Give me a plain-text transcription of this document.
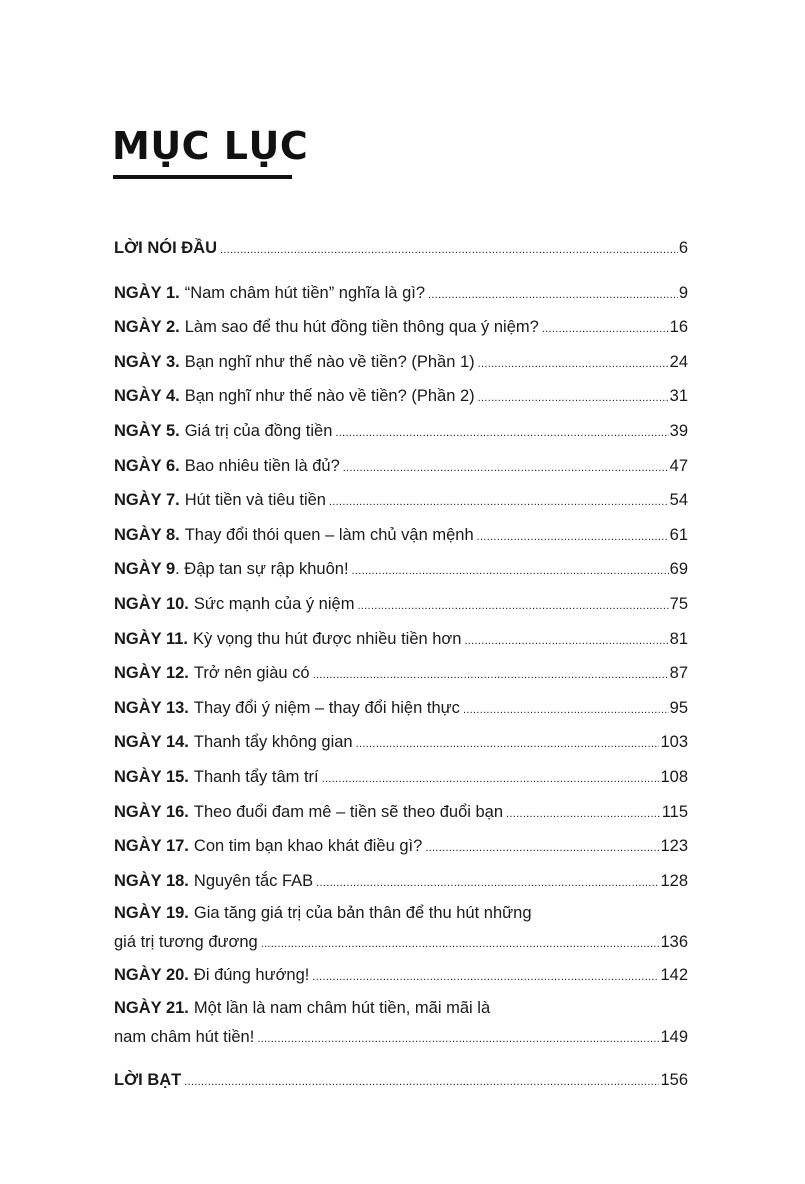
MỤC LỤC
LỜI NÓI ĐẦU .....	6
NGÀY 1. “Nam châm hút tiền” nghĩa là gì? .....	9
NGÀY 2. Làm sao để thu hút đồng tiền thông qua ý niệm? .....	16
NGÀY 3. Bạn nghĩ như thế nào về tiền? (Phần 1) .....	24
NGÀY 4. Bạn nghĩ như thế nào về tiền? (Phần 2) .....	31
NGÀY 5. Giá trị của đồng tiền .....	39
NGÀY 6. Bao nhiêu tiền là đủ? .....	47
NGÀY 7. Hút tiền và tiêu tiền .....	54
NGÀY 8. Thay đổi thói quen – làm chủ vận mệnh .....	61
NGÀY 9 . Đập tan sự rập khuôn! .....	69
NGÀY 10. Sức mạnh của ý niệm .....	75
NGÀY 11. Kỳ vọng thu hút được nhiều tiền hơn .....	81
NGÀY 12. Trở nên giàu có .....	87
NGÀY 13. Thay đổi ý niệm – thay đổi hiện thực .....	95
NGÀY 14. Thanh tẩy không gian .....	103
NGÀY 15. Thanh tẩy tâm trí .....	108
NGÀY 16. Theo đuổi đam mê – tiền sẽ theo đuổi bạn .....	115
NGÀY 17. Con tim bạn khao khát điều gì? .....	123
NGÀY 18. Nguyên tắc FAB .....	128
NGÀY 19. Gia tăng giá trị của bản thân để thu hút những
giá trị tương đương .....	136
NGÀY 20. Đi đúng hướng! .....	142
NGÀY 21. Một lần là nam châm hút tiền, mãi mãi là
nam châm hút tiền! .....	149
LỜI BẠT .....	156
